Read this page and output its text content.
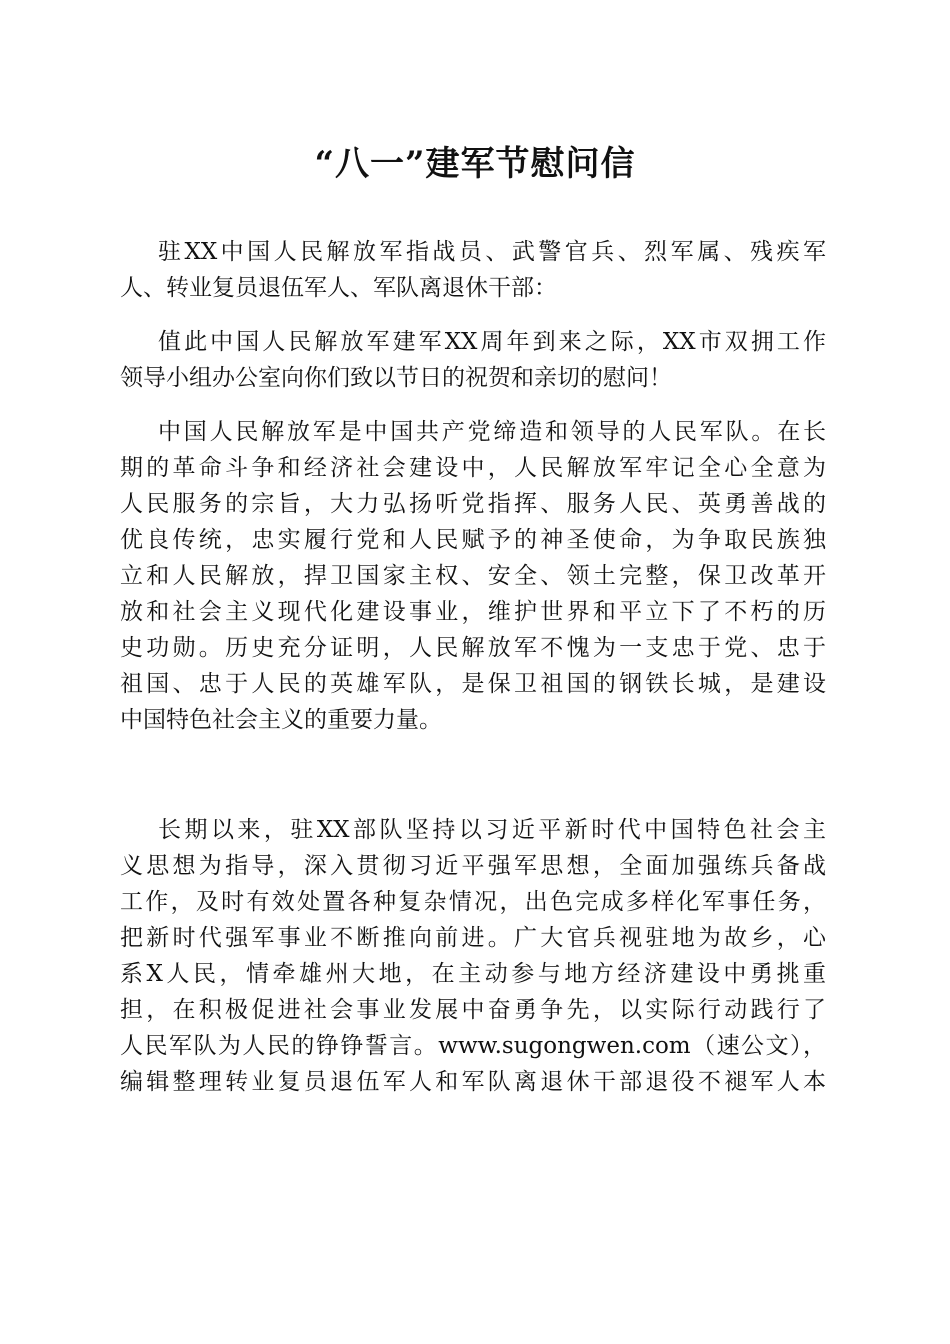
“八一”建军节慰问信
驻XX中国人民解放军指战员、武警官兵、烈军属、残疾军
人、转业复员退伍军人、军队离退休干部：
值此中国人民解放军建军XX周年到来之际，XX市双拥工作
领导小组办公室向你们致以节日的祝贺和亲切的慰问！
中国人民解放军是中国共产党缔造和领导的人民军队。在长
期的革命斗争和经济社会建设中，人民解放军牢记全心全意为
人民服务的宗旨，大力弘扬听党指挥、服务人民、英勇善战的
优良传统，忠实履行党和人民赋予的神圣使命，为争取民族独
立和人民解放，捍卫国家主权、安全、领土完整，保卫改革开
放和社会主义现代化建设事业，维护世界和平立下了不朽的历
史功勋。历史充分证明，人民解放军不愧为一支忠于党、忠于
祖国、忠于人民的英雄军队，是保卫祖国的钢铁长城，是建设
中国特色社会主义的重要力量。
长期以来，驻XX部队坚持以习近平新时代中国特色社会主
义思想为指导，深入贯彻习近平强军思想，全面加强练兵备战
工作，及时有效处置各种复杂情况，出色完成多样化军事任务，
把新时代强军事业不断推向前进。广大官兵视驻地为故乡，心
系X人民，情牵雄州大地，在主动参与地方经济建设中勇挑重
担，在积极促进社会事业发展中奋勇争先，以实际行动践行了
人民军队为人民的铮铮誓言。www.sugongwen.com（速公文），
编辑整理转业复员退伍军人和军队离退休干部退役不褪军人本
